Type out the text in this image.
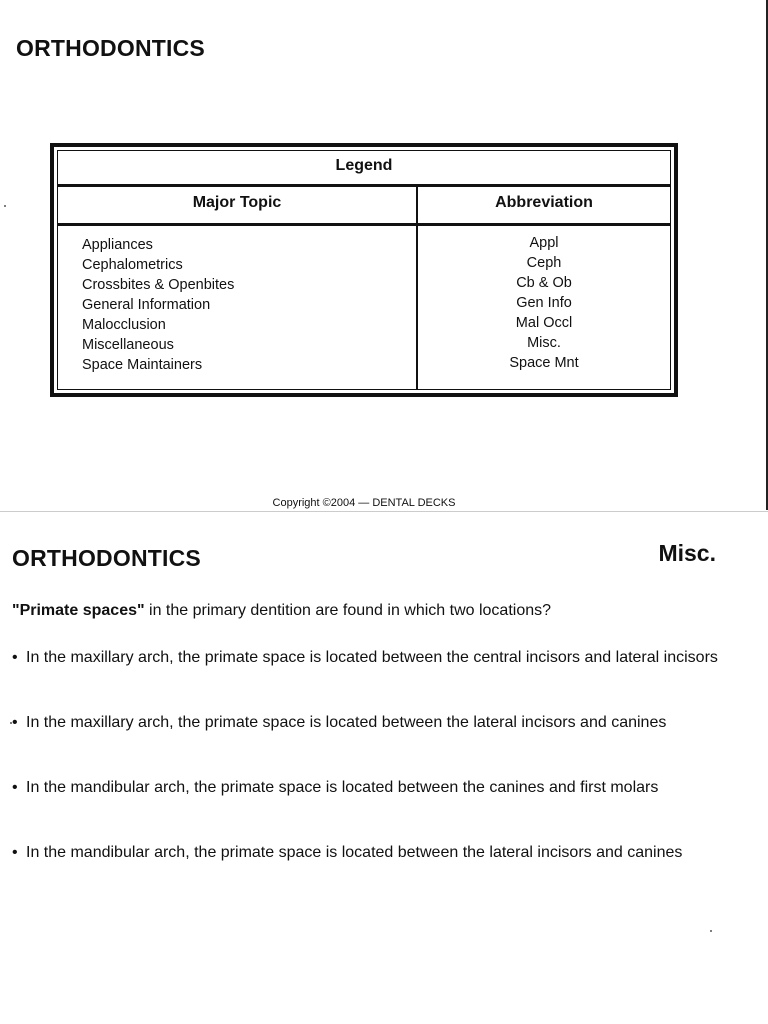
ORTHODONTICS
Legend
Major Topic	Abbreviation
Appliances
Cephalometrics
Crossbites & Openbites
General Information
Malocclusion
Miscellaneous
Space Maintainers
Appl
Ceph
Cb & Ob
Gen Info
Mal Occl
Misc.
Space Mnt
Copyright ©2004 — DENTAL DECKS
ORTHODONTICS	Misc.

"Primate spaces" in the primary dentition are found in which two locations?

• In the maxillary arch, the primate space is located between the central incisors and lateral incisors
• In the maxillary arch, the primate space is located between the lateral incisors and canines
• In the mandibular arch, the primate space is located between the canines and first molars
• In the mandibular arch, the primate space is located between the lateral incisors and canines
